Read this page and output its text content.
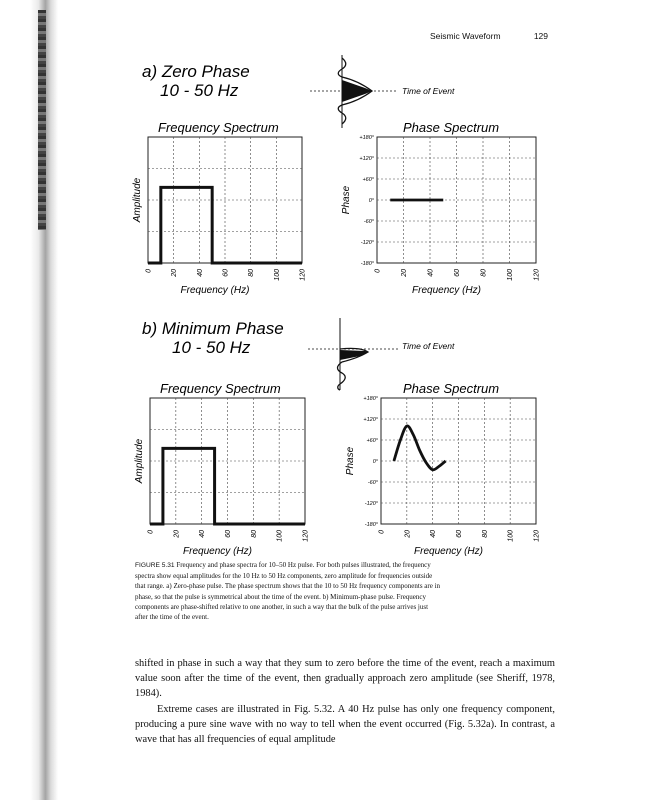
Seismic Waveform	129
a) Zero Phase
10 - 50 Hz	Time of Event
Frequency Spectrum	Phase Spectrum
0	20	40	60	80	100	120
Frequency (Hz)
Amplitude
0	20	40	60	80	100	120
Frequency (Hz)
+180°
+120°
+60°
0°
-60°
-120°
-180°
Phase
b) Minimum Phase
10 - 50 Hz	Time of Event
Frequency Spectrum	Phase Spectrum
0	20	40	60	80	100	120
Frequency (Hz)
Amplitude
0	20	40	60	80	100	120
Frequency (Hz)
+180°
+120°
+60°
0°
-60°
-120°
-180°
Phase
FIGURE 5.31 Frequency and phase spectra for 10–50 Hz pulse. For both pulses illustrated, the frequency
spectra show equal amplitudes for the 10 Hz to 50 Hz components, zero amplitude for frequencies outside
that range. a) Zero-phase pulse. The phase spectrum shows that the 10 to 50 Hz frequency components are in
phase, so that the pulse is symmetrical about the time of the event. b) Minimum-phase pulse. Frequency
components are phase-shifted relative to one another, in such a way that the bulk of the pulse arrives just
after the time of the event.

shifted in phase in such a way that they sum to zero before the time of the event, reach a maximum value soon after the time of the event, then gradually approach zero amplitude (see Sheriff, 1978, 1984).

Extreme cases are illustrated in Fig. 5.32. A 40 Hz pulse has only one frequency component, producing a pure sine wave with no way to tell when the event occurred (Fig. 5.32a). In contrast, a wave that has all frequencies of equal amplitude
